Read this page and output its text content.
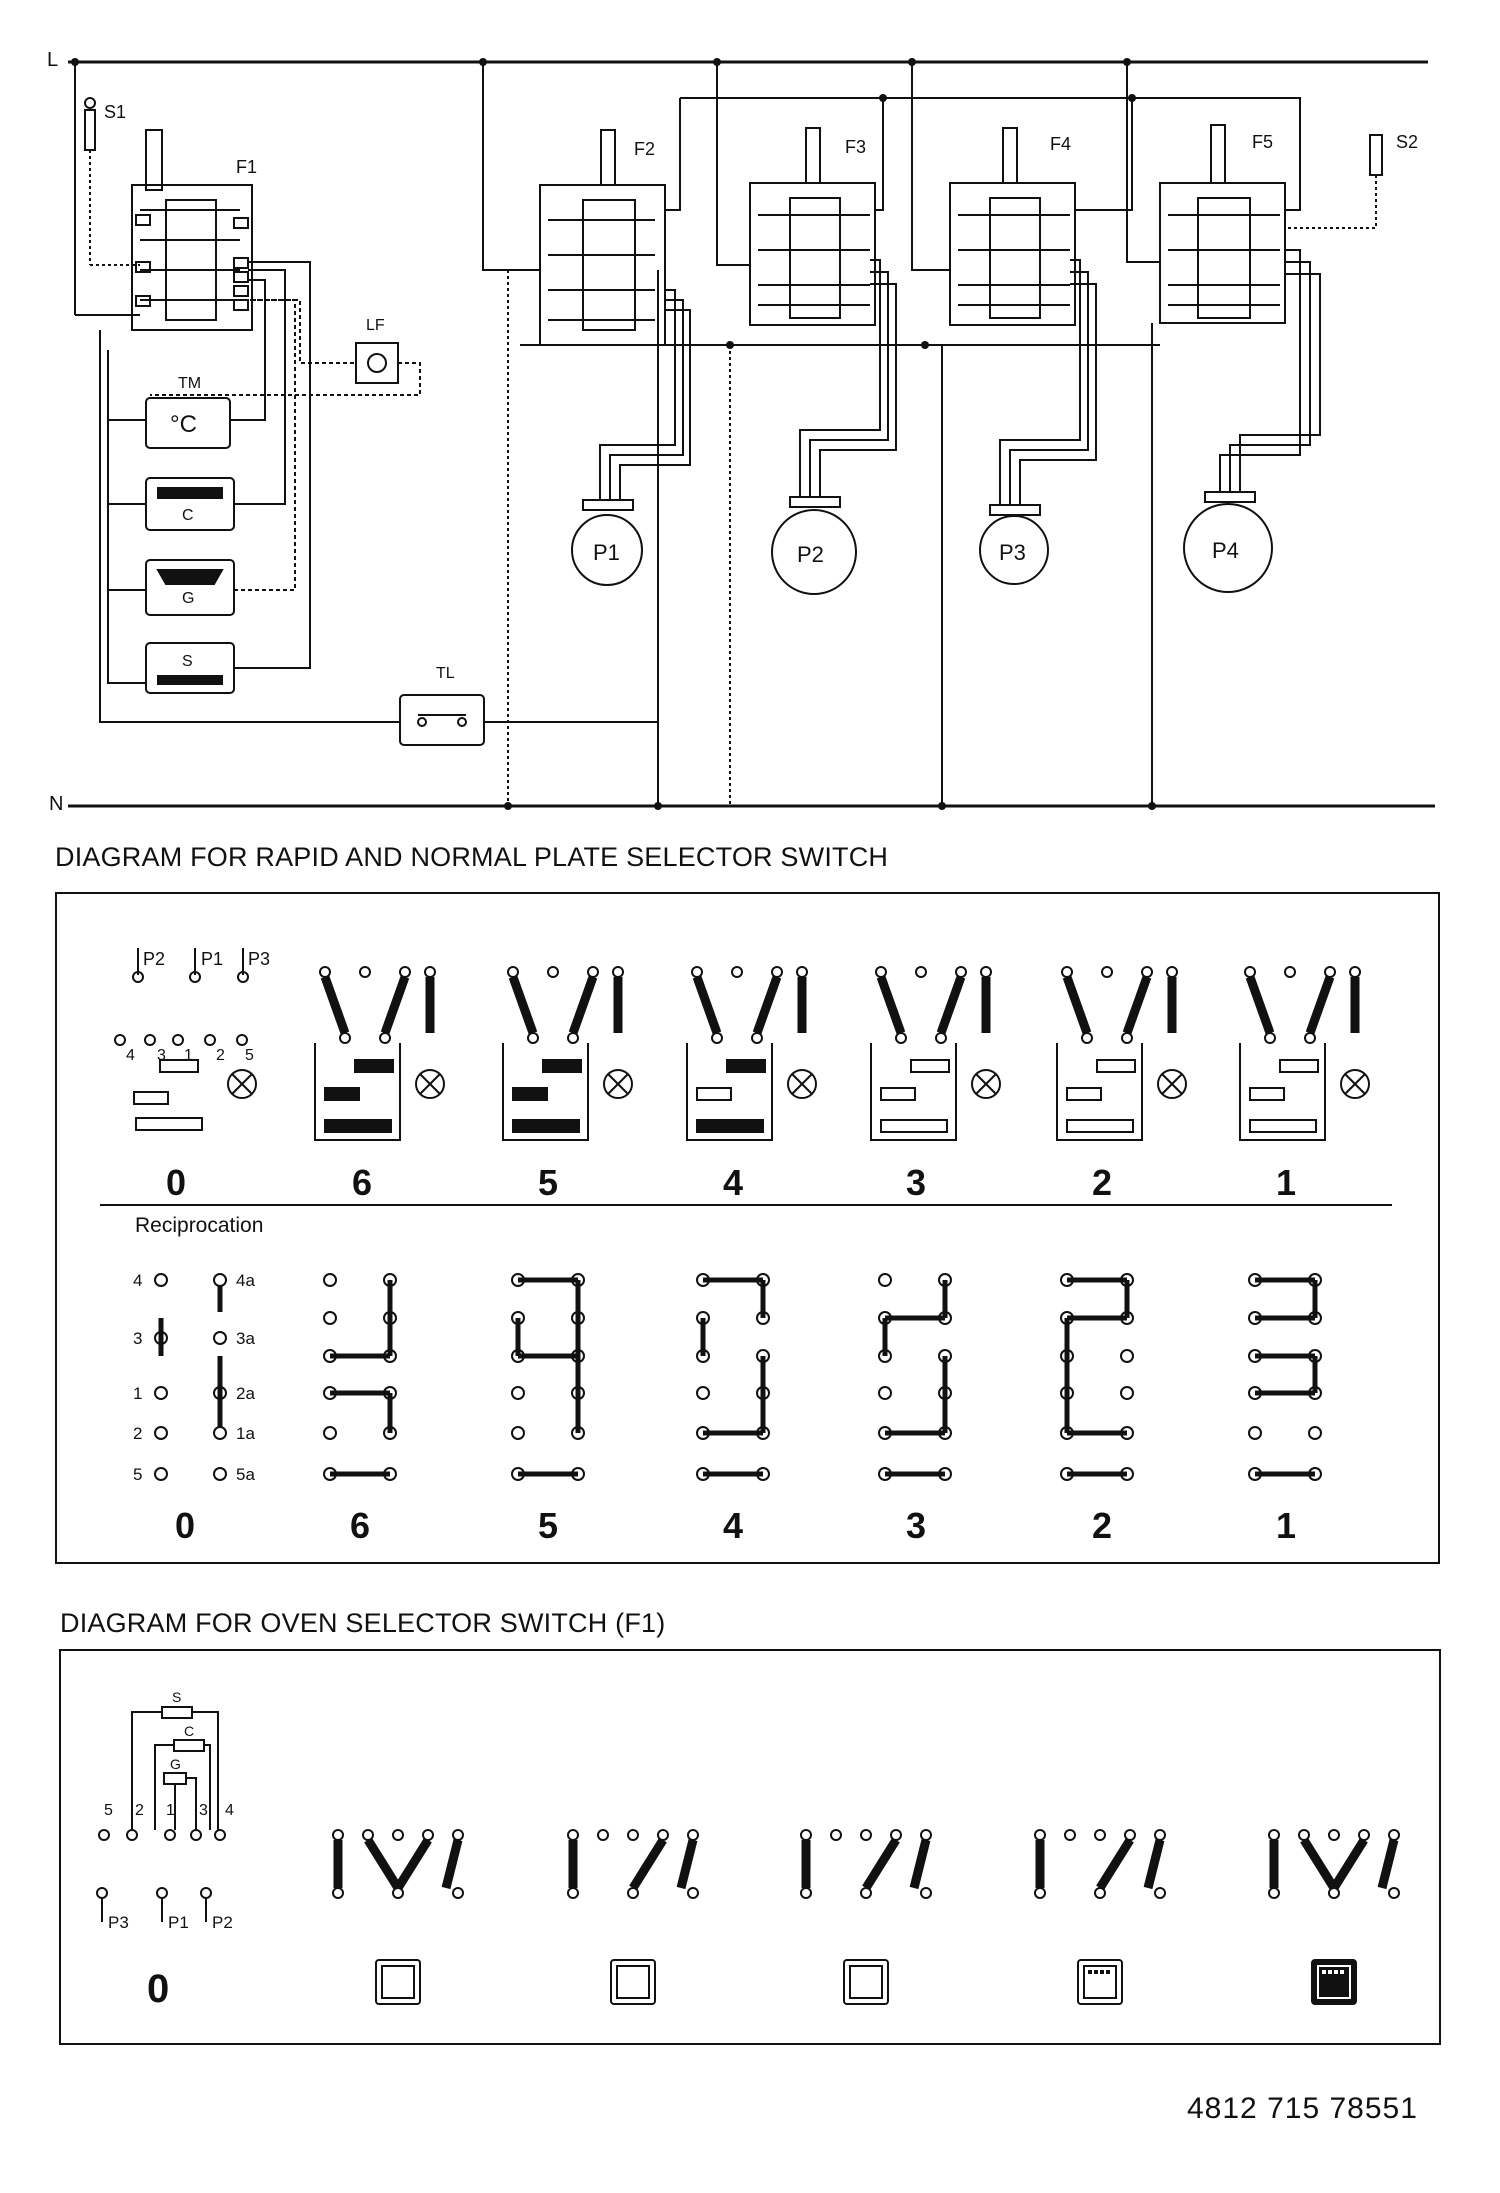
L
N
S1
F1
LF
°C
TM
C
G
S
TL
F2	F3	F4	F5	S2
P1	P2	P3	P4
DIAGRAM FOR RAPID AND NORMAL PLATE SELECTOR SWITCH
P2 P1 P3
4 3 1 2 5
0	6	5	4	3	2	1
Reciprocation
4
3
1
2
5
4a
3a
2a
1a
5a
0	6	5	4	3	2	1
DIAGRAM FOR OVEN SELECTOR SWITCH (F1)
S
C
G
5 2 1 3 4
P3 P1 P2
0
4812 715 78551
